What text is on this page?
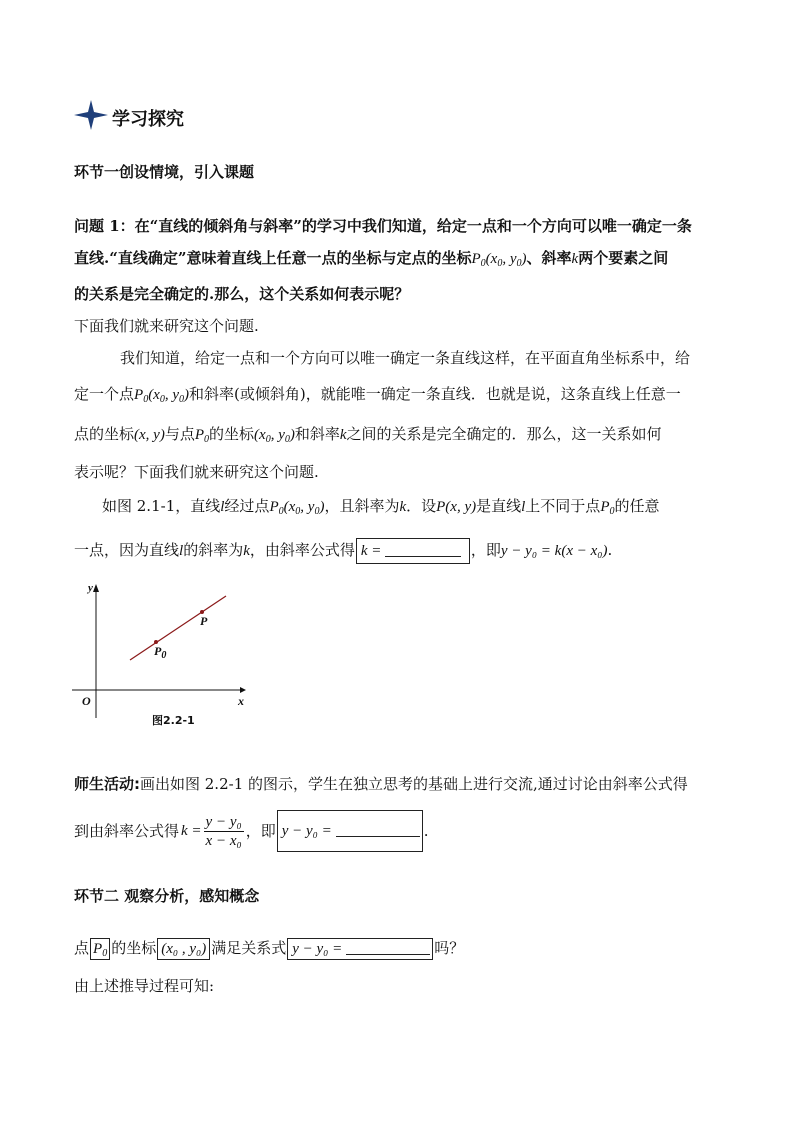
学习探究
环节一创设情境，引入课题
问题 1：在“直线的倾斜角与斜率”的学习中我们知道，给定一点和一个方向可以唯一确定一条
直线.“直线确定”意味着直线上任意一点的坐标与定点的坐标$P_0(x_0$, $y_0$)、斜率k两个要素之间
的关系是完全确定的.那么，这个关系如何表示呢？
下面我们就来研究这个问题.
我们知道，给定一点和一个方向可以唯一确定一条直线这样，在平面直角坐标系中，给
定一个点$P_0(x_0$, $y_0$)和斜率(或倾斜角)，就能唯一确定一条直线．也就是说，这条直线上任意一
点的坐标(x, y)与点$P_0$的坐标($x_0$, $y_0$)和斜率k之间的关系是完全确定的．那么，这一关系如何
表示呢？下面我们就来研究这个问题.
如图 2.1-1，直线l经过点$P_0(x_0$, $y_0$)，且斜率为k．设P(x, y)是直线l上不同于点$P_0$的任意
一点，因为直线l的斜率为k，由斜率公式得 k =	，即y − y₀ = k(x − x₀).
y
x
O
P
$P_0$
图2.2-1
师生活动:画出如图 2.2-1 的图示，学生在独立思考的基础上进行交流,通过讨论由斜率公式得
到由斜率公式得 $k = \frac{\text{y − y₀}}{\text{x − x₀}}$ ，即 y − y₀ =	.
环节二 观察分析，感知概念
点 $P_0$ 的坐标 (x₀ , y₀) 满足关系式 y − y₀ =	吗？
由上述推导过程可知:
